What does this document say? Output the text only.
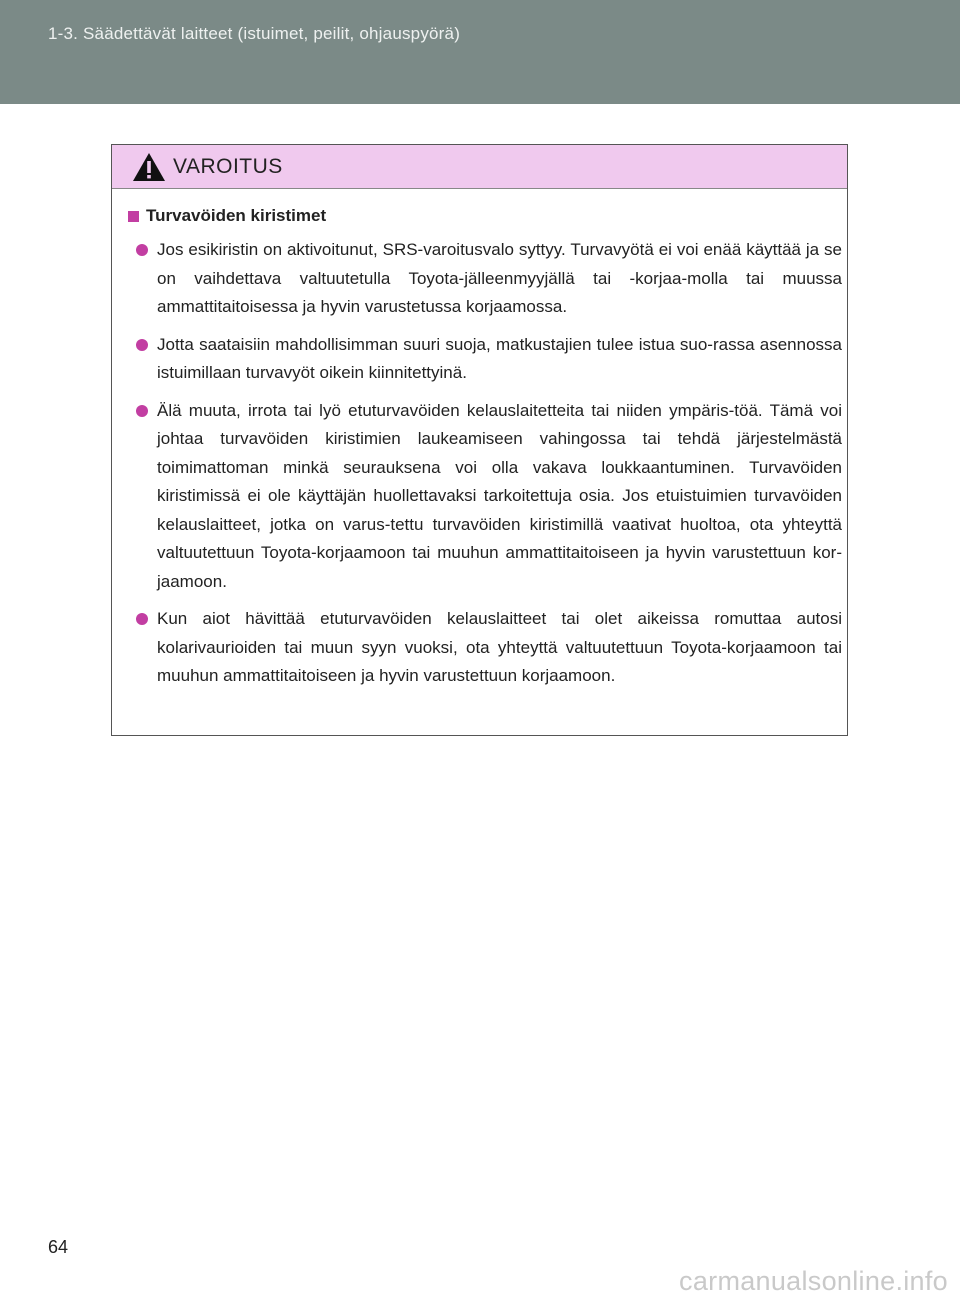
1-3. Säädettävät laitteet (istuimet, peilit, ohjauspyörä)
VAROITUS
Turvavöiden kiristimet
Jos esikiristin on aktivoitunut, SRS-varoitusvalo syttyy. Turvavyötä ei voi enää käyttää ja se on vaihdettava valtuutetulla Toyota-jälleenmyyjällä tai -korjaa-molla tai muussa ammattitaitoisessa ja hyvin varustetussa korjaamossa.
Jotta saataisiin mahdollisimman suuri suoja, matkustajien tulee istua suo-rassa asennossa istuimillaan turvavyöt oikein kiinnitettyinä.
Älä muuta, irrota tai lyö etuturvavöiden kelauslaitetteita tai niiden ympäris-töä. Tämä voi johtaa turvavöiden kiristimien laukeamiseen vahingossa tai tehdä järjestelmästä toimimattoman minkä seurauksena voi olla vakava loukkaantuminen. Turvavöiden kiristimissä ei ole käyttäjän huollettavaksi tarkoitettuja osia. Jos etuistuimien turvavöiden kelauslaitteet, jotka on varus-tettu turvavöiden kiristimillä vaativat huoltoa, ota yhteyttä valtuutettuun Toyota-korjaamoon tai muuhun ammattitaitoiseen ja hyvin varustettuun kor-jaamoon.
Kun aiot hävittää etuturvavöiden kelauslaitteet tai olet aikeissa romuttaa autosi kolarivaurioiden tai muun syyn vuoksi, ota yhteyttä valtuutettuun Toyota-korjaamoon tai muuhun ammattitaitoiseen ja hyvin varustettuun korjaamoon.
64
carmanualsonline.info
